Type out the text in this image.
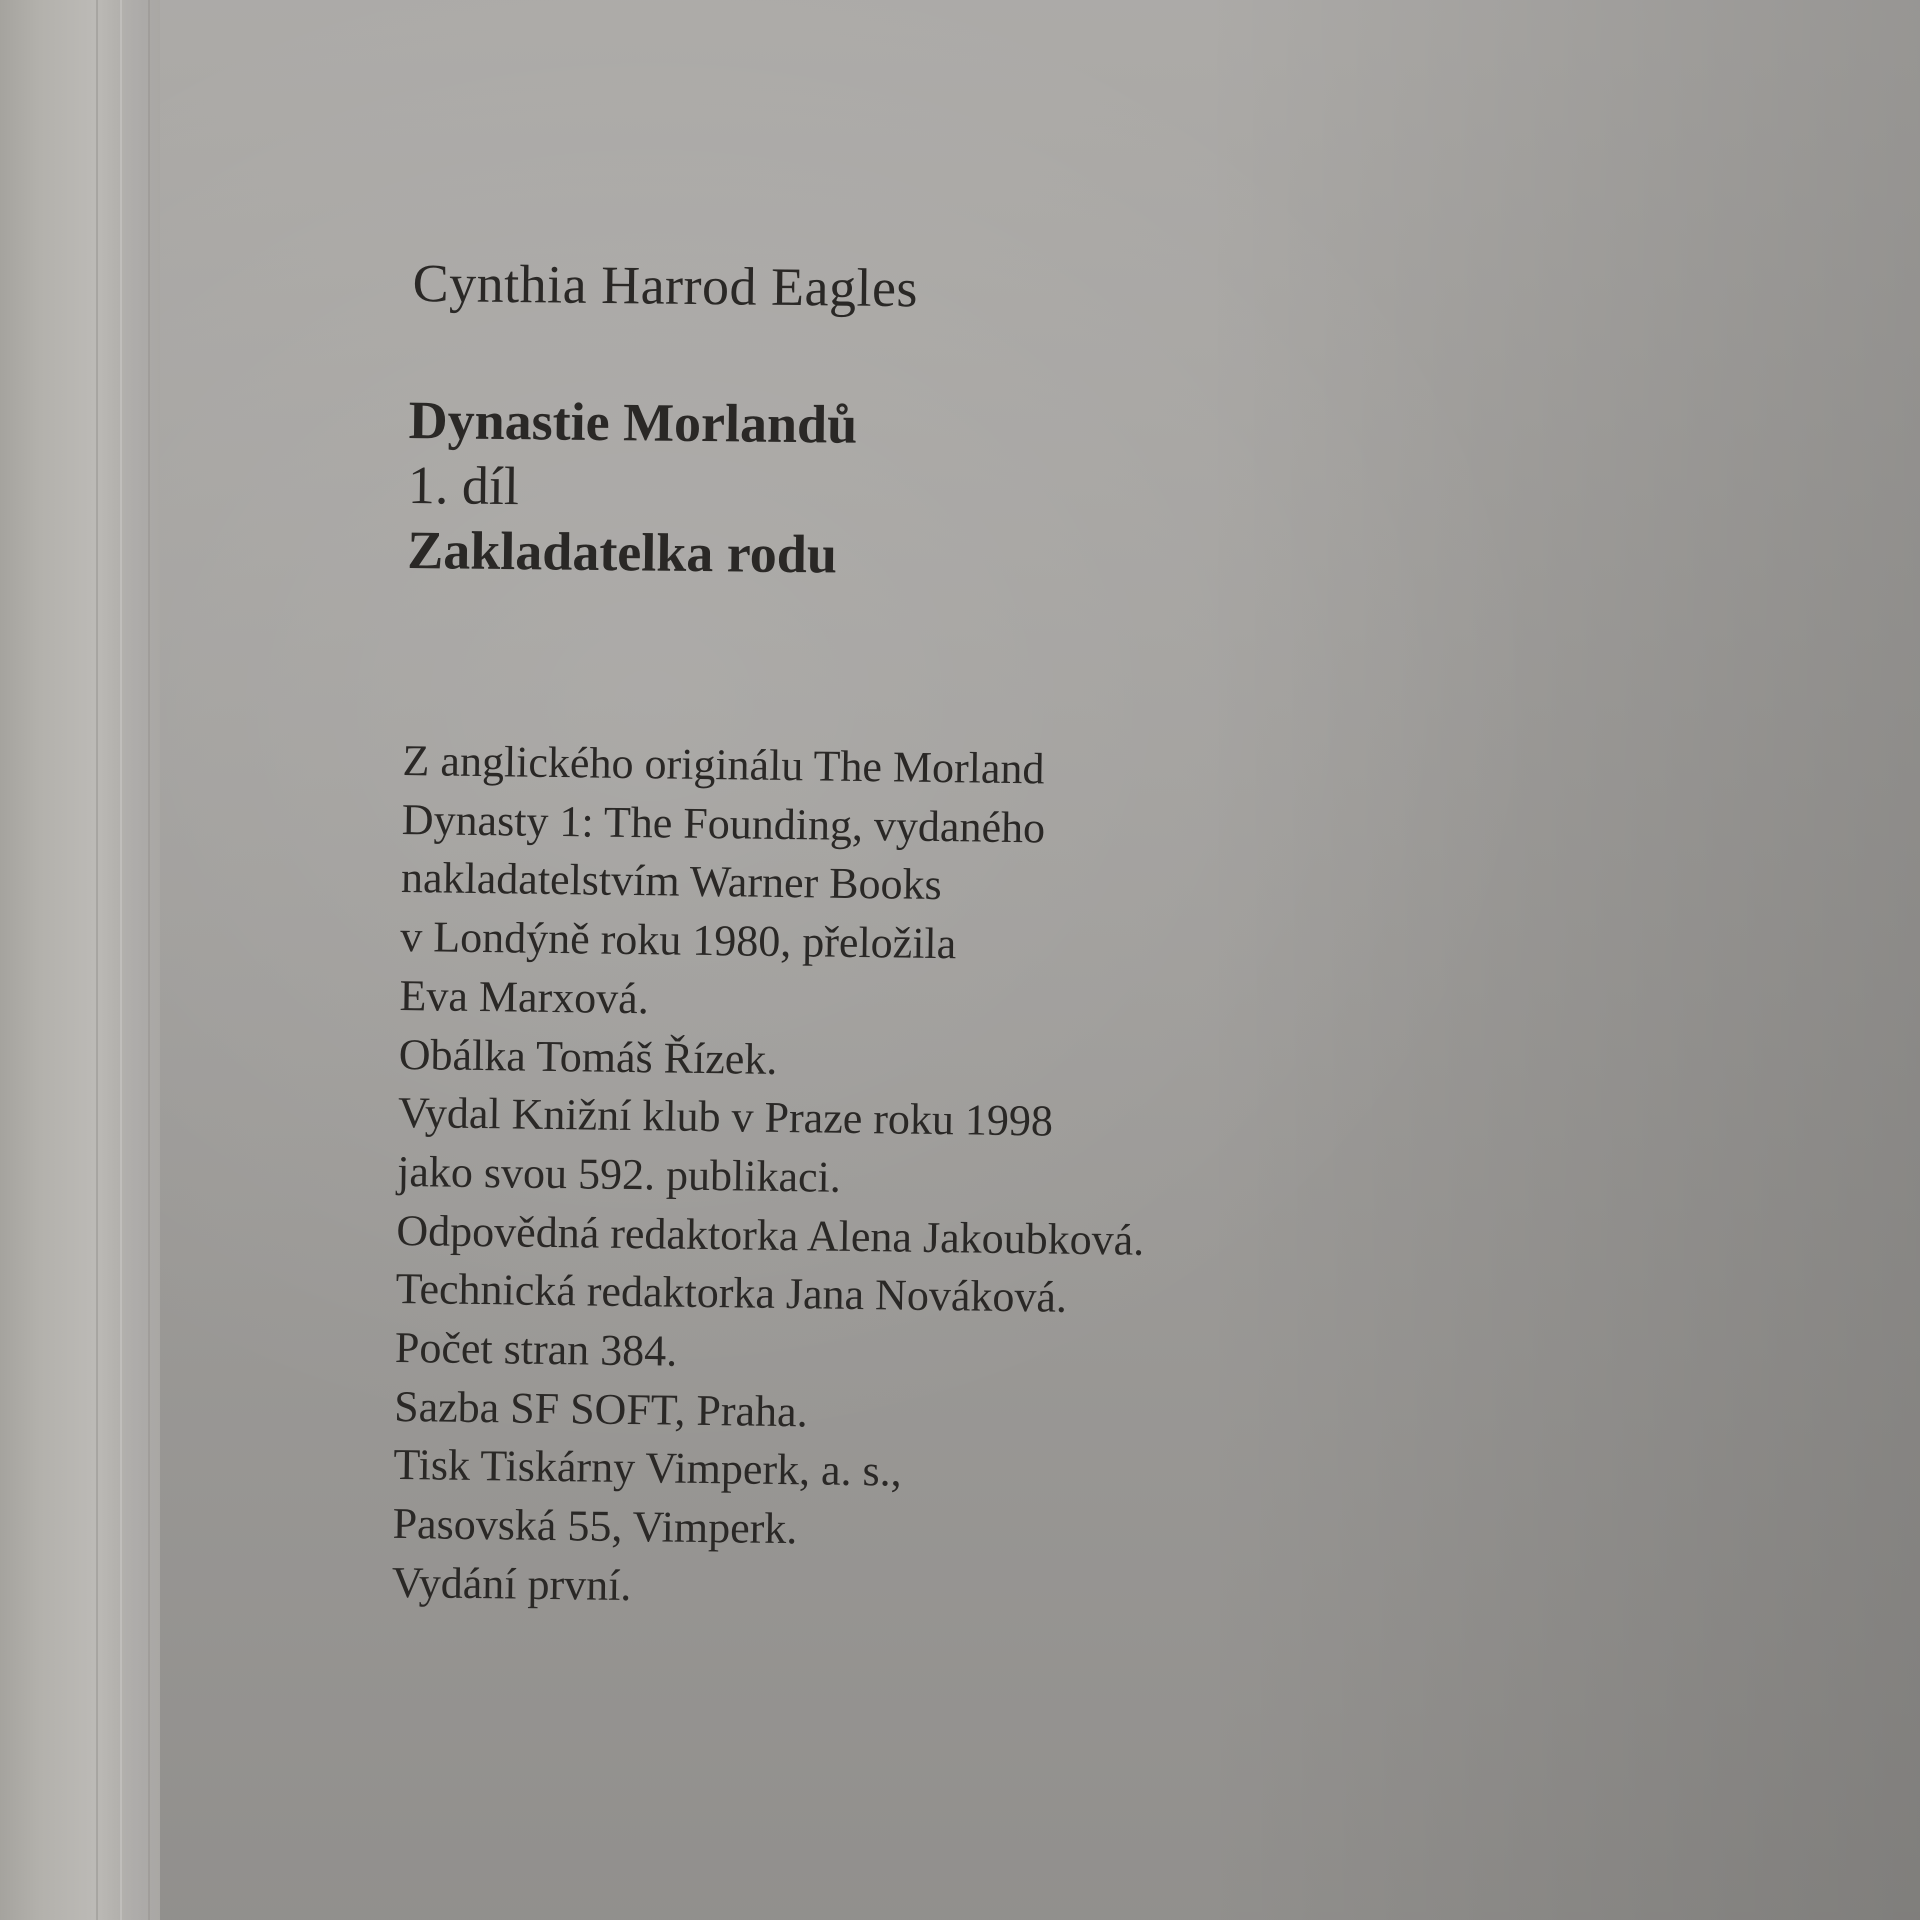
Cynthia Harrod Eagles
Dynastie Morlandů
1. díl
Zakladatelka rodu
Z anglického originálu The Morland
Dynasty 1: The Founding, vydaného
nakladatelstvím Warner Books
v Londýně roku 1980, přeložila
Eva Marxová.
Obálka Tomáš Řízek.
Vydal Knižní klub v Praze roku 1998
jako svou 592. publikaci.
Odpovědná redaktorka Alena Jakoubková.
Technická redaktorka Jana Nováková.
Počet stran 384.
Sazba SF SOFT, Praha.
Tisk Tiskárny Vimperk, a. s.,
Pasovská 55, Vimperk.
Vydání první.
